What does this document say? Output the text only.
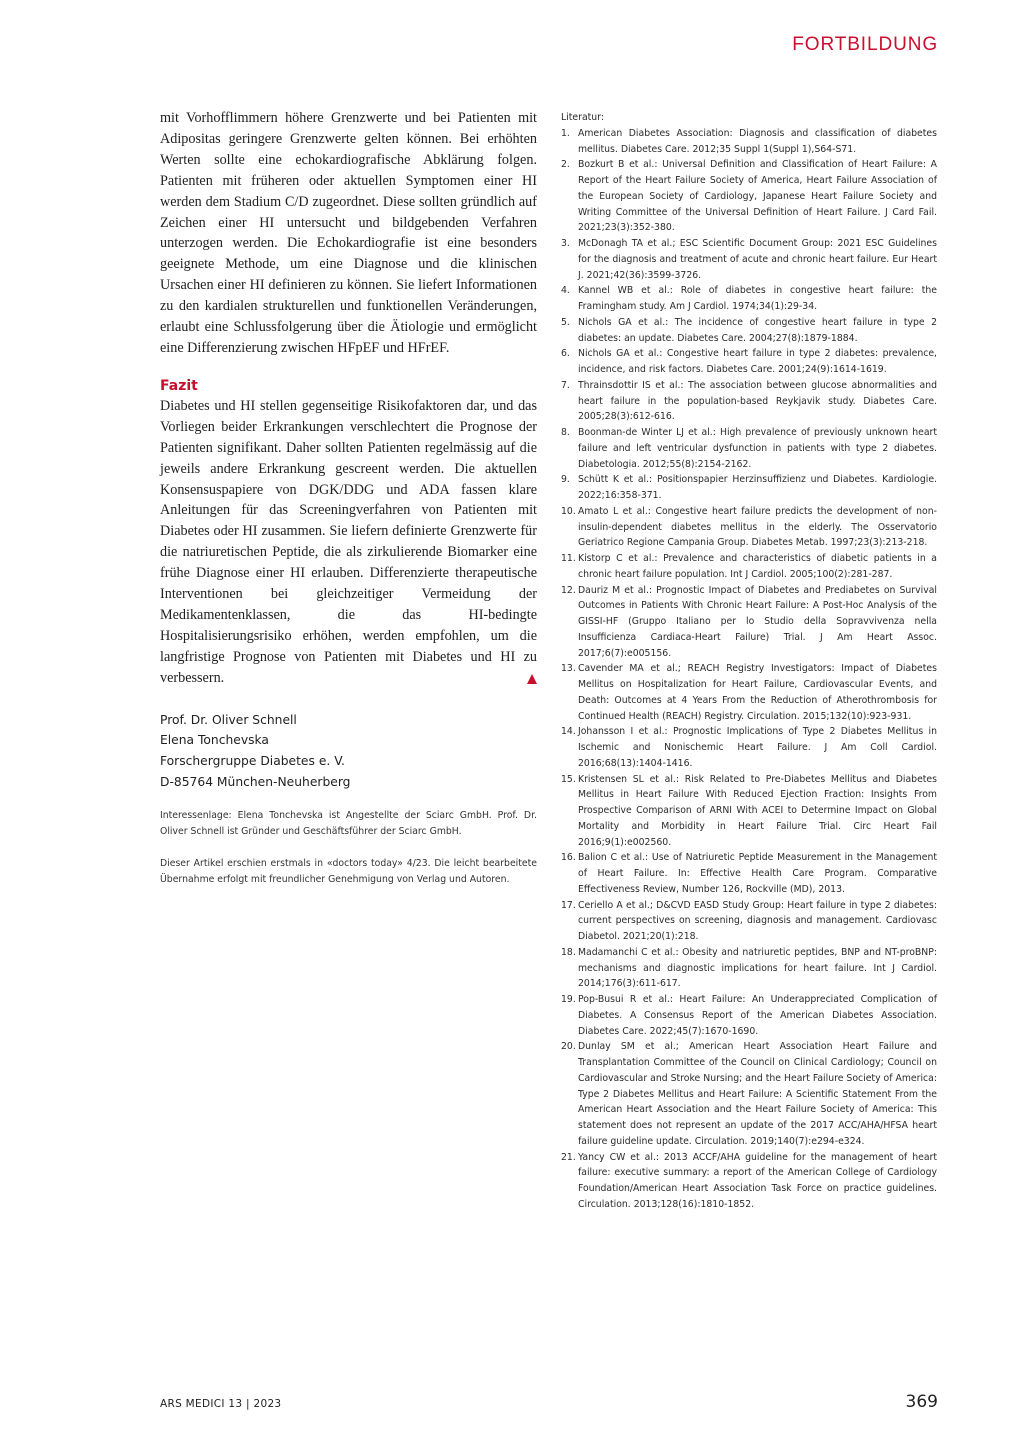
FORTBILDUNG

mit Vorhofflimmern höhere Grenzwerte und bei Patienten mit Adipositas geringere Grenzwerte gelten können. Bei erhöhten Werten sollte eine echokardiografische Abklärung folgen. Patienten mit früheren oder aktuellen Symptomen einer HI werden dem Stadium C/D zugeordnet. Diese sollten gründlich auf Zeichen einer HI untersucht und bildgebenden Verfahren unterzogen werden. Die Echokardiografie ist eine besonders geeignete Methode, um eine Diagnose und die klinischen Ursachen einer HI definieren zu können. Sie liefert Informationen zu den kardialen strukturellen und funktionellen Veränderungen, erlaubt eine Schlussfolgerung über die Ätiologie und ermöglicht eine Differenzierung zwischen HFpEF und HFrEF.

Fazit

Diabetes und HI stellen gegenseitige Risikofaktoren dar, und das Vorliegen beider Erkrankungen verschlechtert die Prognose der Patienten signifikant. Daher sollten Patienten regelmässig auf die jeweils andere Erkrankung gescreent werden. Die aktuellen Konsensuspapiere von DGK/DDG und ADA fassen klare Anleitungen für das Screeningverfahren von Patienten mit Diabetes oder HI zusammen. Sie liefern definierte Grenzwerte für die natriuretischen Peptide, die als zirkulierende Biomarker eine frühe Diagnose einer HI erlauben. Differenzierte therapeutische Interventionen bei gleichzeitiger Vermeidung der Medikamentenklassen, die das HI-bedingte Hospitalisierungsrisiko erhöhen, werden empfohlen, um die langfristige Prognose von Patienten mit Diabetes und HI zu verbessern.

Prof. Dr. Oliver Schnell
Elena Tonchevska
Forschergruppe Diabetes e. V.
D-85764 München-Neuherberg

Interessenlage: Elena Tonchevska ist Angestellte der Sciarc GmbH. Prof. Dr. Oliver Schnell ist Gründer und Geschäftsführer der Sciarc GmbH.

Dieser Artikel erschien erstmals in «doctors today» 4/23. Die leicht bearbeitete Übernahme erfolgt mit freundlicher Genehmigung von Verlag und Autoren.

Literatur:

1. American Diabetes Association: Diagnosis and classification of diabetes mellitus. Diabetes Care. 2012;35 Suppl 1(Suppl 1),S64-S71.
2. Bozkurt B et al.: Universal Definition and Classification of Heart Failure: A Report of the Heart Failure Society of America, Heart Failure Association of the European Society of Cardiology, Japanese Heart Failure Society and Writing Committee of the Universal Definition of Heart Failure. J Card Fail. 2021;23(3):352-380.
3. McDonagh TA et al.; ESC Scientific Document Group: 2021 ESC Guidelines for the diagnosis and treatment of acute and chronic heart failure. Eur Heart J. 2021;42(36):3599-3726.
4. Kannel WB et al.: Role of diabetes in congestive heart failure: the Framingham study. Am J Cardiol. 1974;34(1):29-34.
5. Nichols GA et al.: The incidence of congestive heart failure in type 2 diabetes: an update. Diabetes Care. 2004;27(8):1879-1884.
6. Nichols GA et al.: Congestive heart failure in type 2 diabetes: prevalence, incidence, and risk factors. Diabetes Care. 2001;24(9):1614-1619.
7. Thrainsdottir IS et al.: The association between glucose abnormalities and heart failure in the population-based Reykjavik study. Diabetes Care. 2005;28(3):612-616.
8. Boonman-de Winter LJ et al.: High prevalence of previously unknown heart failure and left ventricular dysfunction in patients with type 2 diabetes. Diabetologia. 2012;55(8):2154-2162.
9. Schütt K et al.: Positionspapier Herzinsuffizienz und Diabetes. Kardiologie. 2022;16:358-371.
10. Amato L et al.: Congestive heart failure predicts the development of non-insulin-dependent diabetes mellitus in the elderly. The Osservatorio Geriatrico Regione Campania Group. Diabetes Metab. 1997;23(3):213-218.
11. Kistorp C et al.: Prevalence and characteristics of diabetic patients in a chronic heart failure population. Int J Cardiol. 2005;100(2):281-287.
12. Dauriz M et al.: Prognostic Impact of Diabetes and Prediabetes on Survival Outcomes in Patients With Chronic Heart Failure: A Post-Hoc Analysis of the GISSI-HF (Gruppo Italiano per lo Studio della Sopravvivenza nella Insufficienza Cardiaca-Heart Failure) Trial. J Am Heart Assoc. 2017;6(7):e005156.
13. Cavender MA et al.; REACH Registry Investigators: Impact of Diabetes Mellitus on Hospitalization for Heart Failure, Cardiovascular Events, and Death: Outcomes at 4 Years From the Reduction of Atherothrombosis for Continued Health (REACH) Registry. Circulation. 2015;132(10):923-931.
14. Johansson I et al.: Prognostic Implications of Type 2 Diabetes Mellitus in Ischemic and Nonischemic Heart Failure. J Am Coll Cardiol. 2016;68(13):1404-1416.
15. Kristensen SL et al.: Risk Related to Pre-Diabetes Mellitus and Diabetes Mellitus in Heart Failure With Reduced Ejection Fraction: Insights From Prospective Comparison of ARNI With ACEI to Determine Impact on Global Mortality and Morbidity in Heart Failure Trial. Circ Heart Fail 2016;9(1):e002560.
16. Balion C et al.: Use of Natriuretic Peptide Measurement in the Management of Heart Failure. In: Effective Health Care Program. Comparative Effectiveness Review, Number 126, Rockville (MD), 2013.
17. Ceriello A et al.; D&CVD EASD Study Group: Heart failure in type 2 diabetes: current perspectives on screening, diagnosis and management. Cardiovasc Diabetol. 2021;20(1):218.
18. Madamanchi C et al.: Obesity and natriuretic peptides, BNP and NT-proBNP: mechanisms and diagnostic implications for heart failure. Int J Cardiol. 2014;176(3):611-617.
19. Pop-Busui R et al.: Heart Failure: An Underappreciated Complication of Diabetes. A Consensus Report of the American Diabetes Association. Diabetes Care. 2022;45(7):1670-1690.
20. Dunlay SM et al.; American Heart Association Heart Failure and Transplantation Committee of the Council on Clinical Cardiology; Council on Cardiovascular and Stroke Nursing; and the Heart Failure Society of America: Type 2 Diabetes Mellitus and Heart Failure: A Scientific Statement From the American Heart Association and the Heart Failure Society of America: This statement does not represent an update of the 2017 ACC/AHA/HFSA heart failure guideline update. Circulation. 2019;140(7):e294-e324.
21. Yancy CW et al.: 2013 ACCF/AHA guideline for the management of heart failure: executive summary: a report of the American College of Cardiology Foundation/American Heart Association Task Force on practice guidelines. Circulation. 2013;128(16):1810-1852.
ARS MEDICI 13 | 2023	369
